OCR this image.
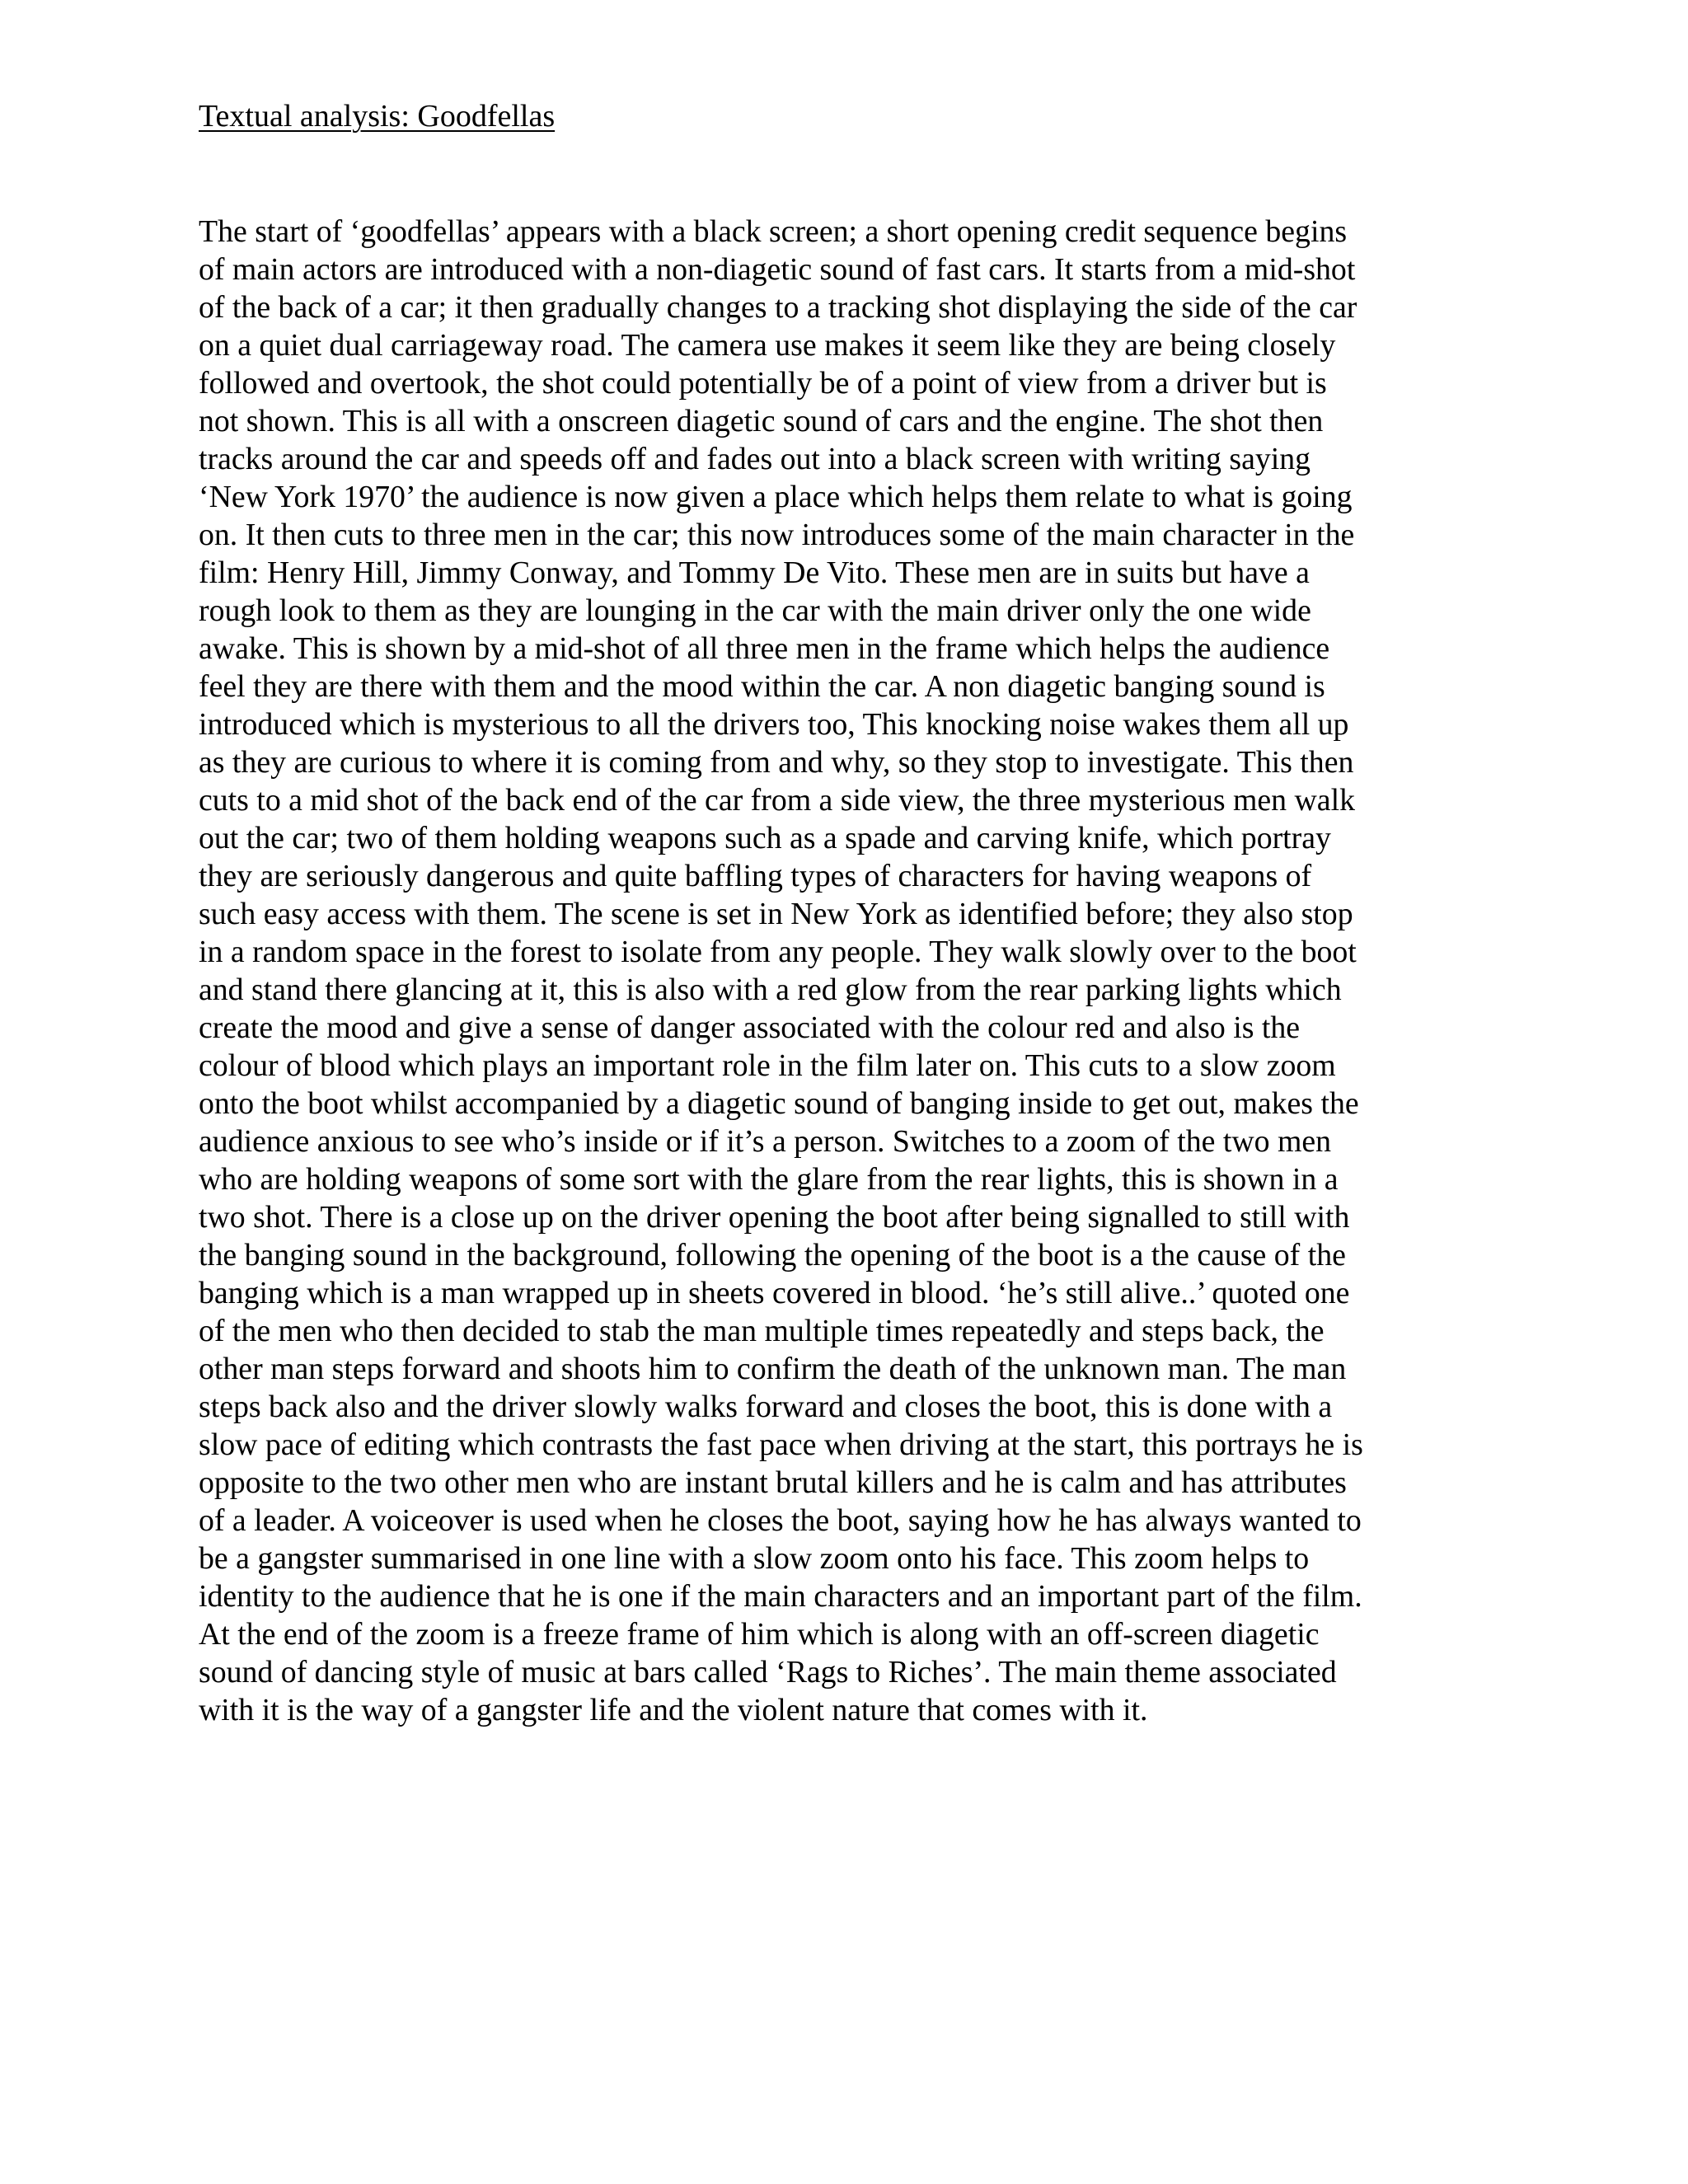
Textual analysis: Goodfellas
The start of ‘goodfellas’ appears with a black screen; a short opening credit sequence begins
of main actors are introduced with a non-diagetic sound of fast cars. It starts from a mid-shot
of the back of a car; it then gradually changes to a tracking shot displaying the side of the car
on a quiet dual carriageway road. The camera use makes it seem like they are being closely
followed and overtook, the shot could potentially be of a point of view from a driver but is
not shown. This is all with a onscreen diagetic sound of cars and the engine. The shot then
tracks around the car and speeds off and fades out into a black screen with writing saying
‘New York 1970’ the audience is now given a place which helps them relate to what is going
on. It then cuts to three men in the car; this now introduces some of the main character in the
film: Henry Hill, Jimmy Conway, and Tommy De Vito. These men are in suits but have a
rough look to them as they are lounging in the car with the main driver only the one wide
awake. This is shown by a mid-shot of all three men in the frame which helps the audience
feel they are there with them and the mood within the car. A non diagetic banging sound is
introduced which is mysterious to all the drivers too, This knocking noise wakes them all up
as they are curious to where it is coming from and why, so they stop to investigate. This then
cuts to a mid shot of the back end of the car from a side view, the three mysterious men walk
out the car; two of them holding weapons such as a spade and carving knife, which portray
they are seriously dangerous and quite baffling types of characters for having weapons of
such easy access with them. The scene is set in New York as identified before; they also stop
in a random space in the forest to isolate from any people. They walk slowly over to the boot
and stand there glancing at it, this is also with a red glow from the rear parking lights which
create the mood and give a sense of danger associated with the colour red and also is the
colour of blood which plays an important role in the film later on. This cuts to a slow zoom
onto the boot whilst accompanied by a diagetic sound of banging inside to get out, makes the
audience anxious to see who’s inside or if it’s a person. Switches to a zoom of the two men
who are holding weapons of some sort with the glare from the rear lights, this is shown in a
two shot. There is a close up on the driver opening the boot after being signalled to still with
the banging sound in the background, following the opening of the boot is a the cause of the
banging which is a man wrapped up in sheets covered in blood. ‘he’s still alive..’ quoted one
of the men who then decided to stab the man multiple times repeatedly and steps back, the
other man steps forward and shoots him to confirm the death of the unknown man. The man
steps back also and the driver slowly walks forward and closes the boot, this is done with a
slow pace of editing which contrasts the fast pace when driving at the start, this portrays he is
opposite to the two other men who are instant brutal killers and he is calm and has attributes
of a leader. A voiceover is used when he closes the boot, saying how he has always wanted to
be a gangster summarised in one line with a slow zoom onto his face. This zoom helps to
identity to the audience that he is one if the main characters and an important part of the film.
At the end of the zoom is a freeze frame of him which is along with an off-screen diagetic
sound of dancing style of music at bars called ‘Rags to Riches’. The main theme associated
with it is the way of a gangster life and the violent nature that comes with it.
